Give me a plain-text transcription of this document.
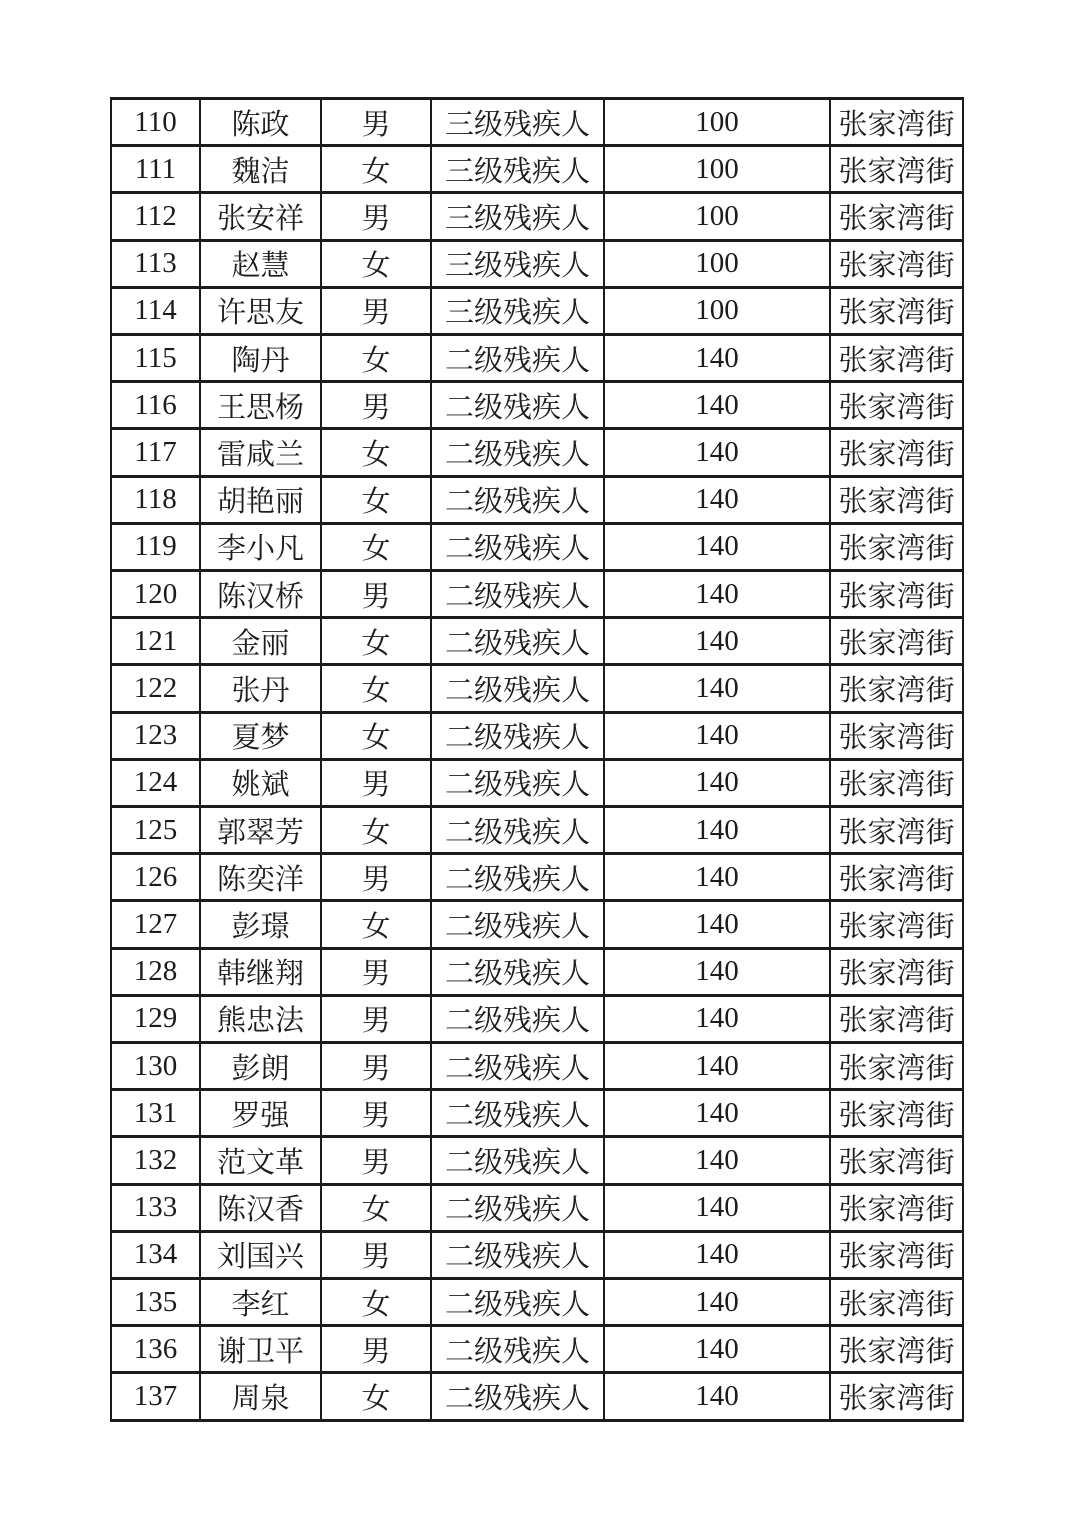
110	陈政	男	三级残疾人	100	张家湾街
111	魏洁	女	三级残疾人	100	张家湾街
112	张安祥	男	三级残疾人	100	张家湾街
113	赵慧	女	三级残疾人	100	张家湾街
114	许思友	男	三级残疾人	100	张家湾街
115	陶丹	女	二级残疾人	140	张家湾街
116	王思杨	男	二级残疾人	140	张家湾街
117	雷咸兰	女	二级残疾人	140	张家湾街
118	胡艳丽	女	二级残疾人	140	张家湾街
119	李小凡	女	二级残疾人	140	张家湾街
120	陈汉桥	男	二级残疾人	140	张家湾街
121	金丽	女	二级残疾人	140	张家湾街
122	张丹	女	二级残疾人	140	张家湾街
123	夏梦	女	二级残疾人	140	张家湾街
124	姚斌	男	二级残疾人	140	张家湾街
125	郭翠芳	女	二级残疾人	140	张家湾街
126	陈奕洋	男	二级残疾人	140	张家湾街
127	彭璟	女	二级残疾人	140	张家湾街
128	韩继翔	男	二级残疾人	140	张家湾街
129	熊忠法	男	二级残疾人	140	张家湾街
130	彭朗	男	二级残疾人	140	张家湾街
131	罗强	男	二级残疾人	140	张家湾街
132	范文革	男	二级残疾人	140	张家湾街
133	陈汉香	女	二级残疾人	140	张家湾街
134	刘国兴	男	二级残疾人	140	张家湾街
135	李红	女	二级残疾人	140	张家湾街
136	谢卫平	男	二级残疾人	140	张家湾街
137	周泉	女	二级残疾人	140	张家湾街
